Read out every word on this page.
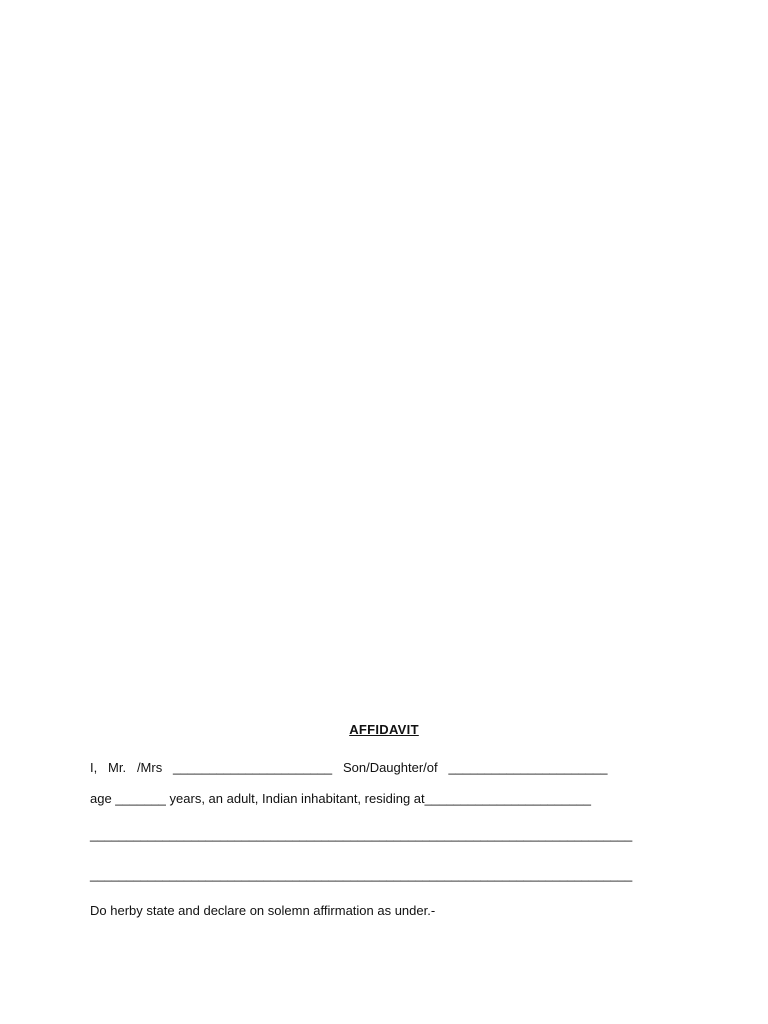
AFFIDAVIT
I,   Mr.   /Mrs   ______________________   Son/Daughter/of   ______________________
age _______ years, an adult, Indian inhabitant, residing at_______________________
___________________________________________________________________________
___________________________________________________________________________
Do herby state and declare on solemn affirmation as under.-
